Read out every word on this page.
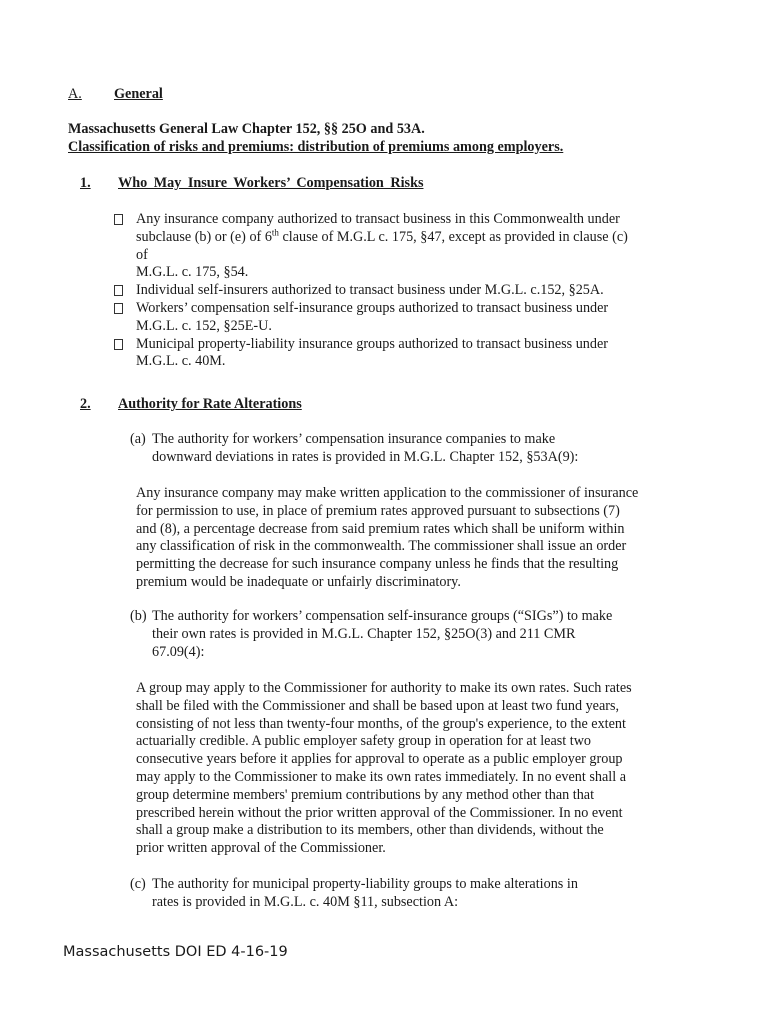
A. General
Massachusetts General Law Chapter 152, §§ 25O and 53A.
Classification of risks and premiums: distribution of premiums among employers.
1. Who May Insure Workers’ Compensation Risks
Any insurance company authorized to transact business in this Commonwealth under
subclause (b) or (e) of 6th clause of M.G.L c. 175, §47, except as provided in clause (c)
of
M.G.L. c. 175, §54.
Individual self-insurers authorized to transact business under M.G.L. c.152, §25A.
Workers’ compensation self-insurance groups authorized to transact business under
M.G.L. c. 152, §25E-U.
Municipal property-liability insurance groups authorized to transact business under
M.G.L. c. 40M.
2. Authority for Rate Alterations
(a) The authority for workers’ compensation insurance companies to make
downward deviations in rates is provided in M.G.L. Chapter 152, §53A(9):
Any insurance company may make written application to the commissioner of insurance
for permission to use, in place of premium rates approved pursuant to subsections (7)
and (8), a percentage decrease from said premium rates which shall be uniform within
any classification of risk in the commonwealth. The commissioner shall issue an order
permitting the decrease for such insurance company unless he finds that the resulting
premium would be inadequate or unfairly discriminatory.
(b) The authority for workers’ compensation self-insurance groups (“SIGs”) to make
their own rates is provided in M.G.L. Chapter 152, §25O(3) and 211 CMR
67.09(4):
A group may apply to the Commissioner for authority to make its own rates. Such rates
shall be filed with the Commissioner and shall be based upon at least two fund years,
consisting of not less than twenty-four months, of the group's experience, to the extent
actuarially credible. A public employer safety group in operation for at least two
consecutive years before it applies for approval to operate as a public employer group
may apply to the Commissioner to make its own rates immediately. In no event shall a
group determine members' premium contributions by any method other than that
prescribed herein without the prior written approval of the Commissioner. In no event
shall a group make a distribution to its members, other than dividends, without the
prior written approval of the Commissioner.
(c) The authority for municipal property-liability groups to make alterations in
rates is provided in M.G.L. c. 40M §11, subsection A:
Massachusetts DOI ED 4-16-19
